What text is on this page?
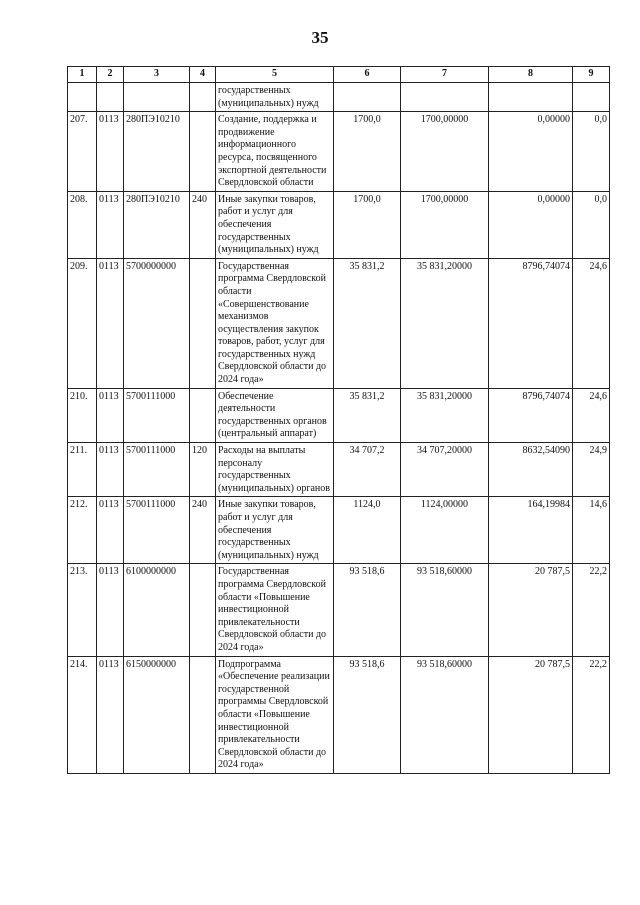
35
1	2	3	4	5	6	7	8	9
				государственных (муниципальных) нужд				
207.	0113	280ПЭ10210		Создание, поддержка и продвижение информационного ресурса, посвященного экспортной деятельности Свердловской области	1700,0	1700,00000	0,00000	0,0
208.	0113	280ПЭ10210	240	Иные закупки товаров, работ и услуг для обеспечения государственных (муниципальных) нужд	1700,0	1700,00000	0,00000	0,0
209.	0113	5700000000		Государственная программа Свердловской области «Совершенствование механизмов осуществления закупок товаров, работ, услуг для государственных нужд Свердловской области до 2024 года»	35 831,2	35 831,20000	8796,74074	24,6
210.	0113	5700111000		Обеспечение деятельности государственных органов (центральный аппарат)	35 831,2	35 831,20000	8796,74074	24,6
211.	0113	5700111000	120	Расходы на выплаты персоналу государственных (муниципальных) органов	34 707,2	34 707,20000	8632,54090	24,9
212.	0113	5700111000	240	Иные закупки товаров, работ и услуг для обеспечения государственных (муниципальных) нужд	1124,0	1124,00000	164,19984	14,6
213.	0113	6100000000		Государственная программа Свердловской области «Повышение инвестиционной привлекательности Свердловской области до 2024 года»	93 518,6	93 518,60000	20 787,5	22,2
214.	0113	6150000000		Подпрограмма «Обеспечение реализации государственной программы Свердловской области «Повышение инвестиционной привлекательности Свердловской области до 2024 года»	93 518,6	93 518,60000	20 787,5	22,2
